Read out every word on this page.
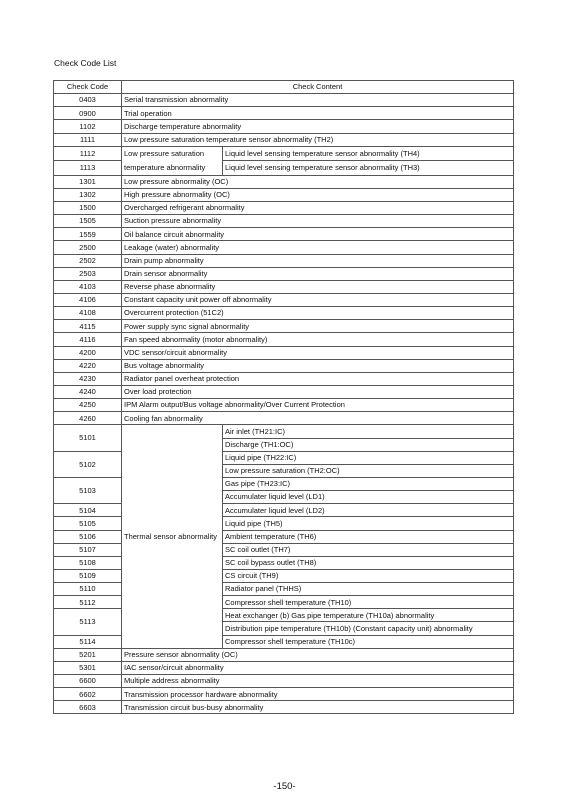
Check Code List
Check Code	Check Content	
0403	Serial transmission abnormality	
0900	Trial operation	
1102	Discharge temperature abnormality	
1111	Low pressure saturation temperature sensor abnormality (TH2)	
1112	Low pressure saturation temperature abnormality	Liquid level sensing temperature sensor abnormality (TH4)
1113		Liquid level sensing temperature sensor abnormality (TH3)
1301	Low pressure abnormality (OC)	
1302	High pressure abnormality (OC)	
1500	Overcharged refrigerant abnormality	
1505	Suction pressure abnormality	
1559	Oil balance circuit abnormality	
2500	Leakage (water) abnormality	
2502	Drain pump abnormality	
2503	Drain sensor abnormality	
4103	Reverse phase abnormality	
4106	Constant capacity unit power off abnormality	
4108	Overcurrent protection (51C2)	
4115	Power supply sync signal abnormality	
4116	Fan speed abnormality (motor abnormality)	
4200	VDC sensor/circuit abnormality	
4220	Bus voltage abnormality	
4230	Radiator panel overheat protection	
4240	Over load protection	
4250	IPM Alarm output/Bus voltage abnormality/Over Current Protection	
4260	Cooling fan abnormality	
5101	Thermal sensor abnormality	Air inlet (TH21:IC)
		Discharge (TH1:OC)
5102		Liquid pipe (TH22:IC)
		Low pressure saturation (TH2:OC)
5103		Gas pipe (TH23:IC)
		Accumulater liquid level (LD1)
5104		Accumulater liquid level (LD2)
5105		Liquid pipe (TH5)
5106		Ambient temperature (TH6)
5107		SC coil outlet (TH7)
5108		SC coil bypass outlet (TH8)
5109		CS circuit (TH9)
5110		Radiator panel (THHS)
5112		Compressor shell temperature (TH10)
5113		Heat exchanger (b) Gas pipe temperature (TH10a) abnormality
		Distribution pipe temperature (TH10b) (Constant capacity unit) abnormality
5114		Compressor shell temperature (TH10c)
5201	Pressure sensor abnormality (OC)	
5301	IAC sensor/circuit abnormality	
6600	Multiple address abnormality	
6602	Transmission processor hardware abnormality	
6603	Transmission circuit bus-busy abnormality	
-150-
